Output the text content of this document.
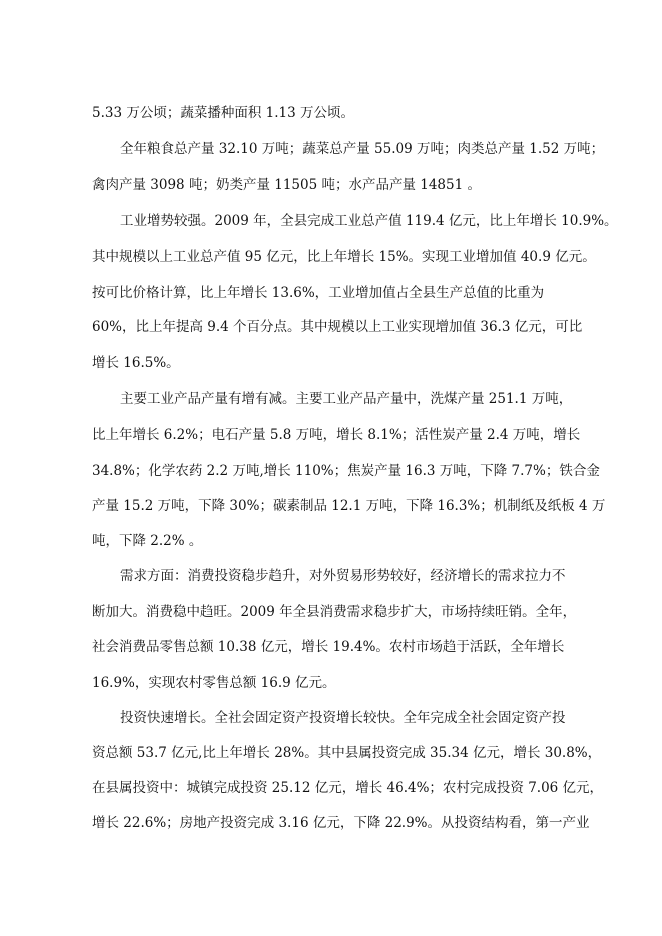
5.33 万公顷；蔬菜播种面积 1.13 万公顷。
全年粮食总产量 32.10 万吨；蔬菜总产量 55.09 万吨；肉类总产量 1.52 万吨；
禽肉产量 3098 吨；奶类产量 11505 吨；水产品产量 14851 。
工业增势较强。2009 年，全县完成工业总产值 119.4 亿元，比上年增长 10.9%。
其中规模以上工业总产值 95 亿元，比上年增长 15%。实现工业增加值 40.9 亿元。
按可比价格计算，比上年增长 13.6%，工业增加值占全县生产总值的比重为
60%，比上年提高 9.4 个百分点。其中规模以上工业实现增加值 36.3 亿元，可比
增长 16.5%。
主要工业产品产量有增有减。主要工业产品产量中，洗煤产量 251.1 万吨，
比上年增长 6.2%；电石产量 5.8 万吨，增长 8.1%；活性炭产量 2.4 万吨，增长
34.8%；化学农药 2.2 万吨,增长 110%；焦炭产量 16.3 万吨，下降 7.7%；铁合金
产量 15.2 万吨，下降 30%；碳素制品 12.1 万吨，下降 16.3%；机制纸及纸板 4 万
吨，下降 2.2% 。
需求方面：消费投资稳步趋升，对外贸易形势较好，经济增长的需求拉力不
断加大。消费稳中趋旺。2009 年全县消费需求稳步扩大，市场持续旺销。全年，
社会消费品零售总额 10.38 亿元，增长 19.4%。农村市场趋于活跃，全年增长
16.9%，实现农村零售总额 16.9 亿元。
投资快速增长。全社会固定资产投资增长较快。全年完成全社会固定资产投
资总额 53.7 亿元,比上年增长 28%。其中县属投资完成 35.34 亿元，增长 30.8%，
在县属投资中：城镇完成投资 25.12 亿元，增长 46.4%；农村完成投资 7.06 亿元，
增长 22.6%；房地产投资完成 3.16 亿元，下降 22.9%。从投资结构看，第一产业
